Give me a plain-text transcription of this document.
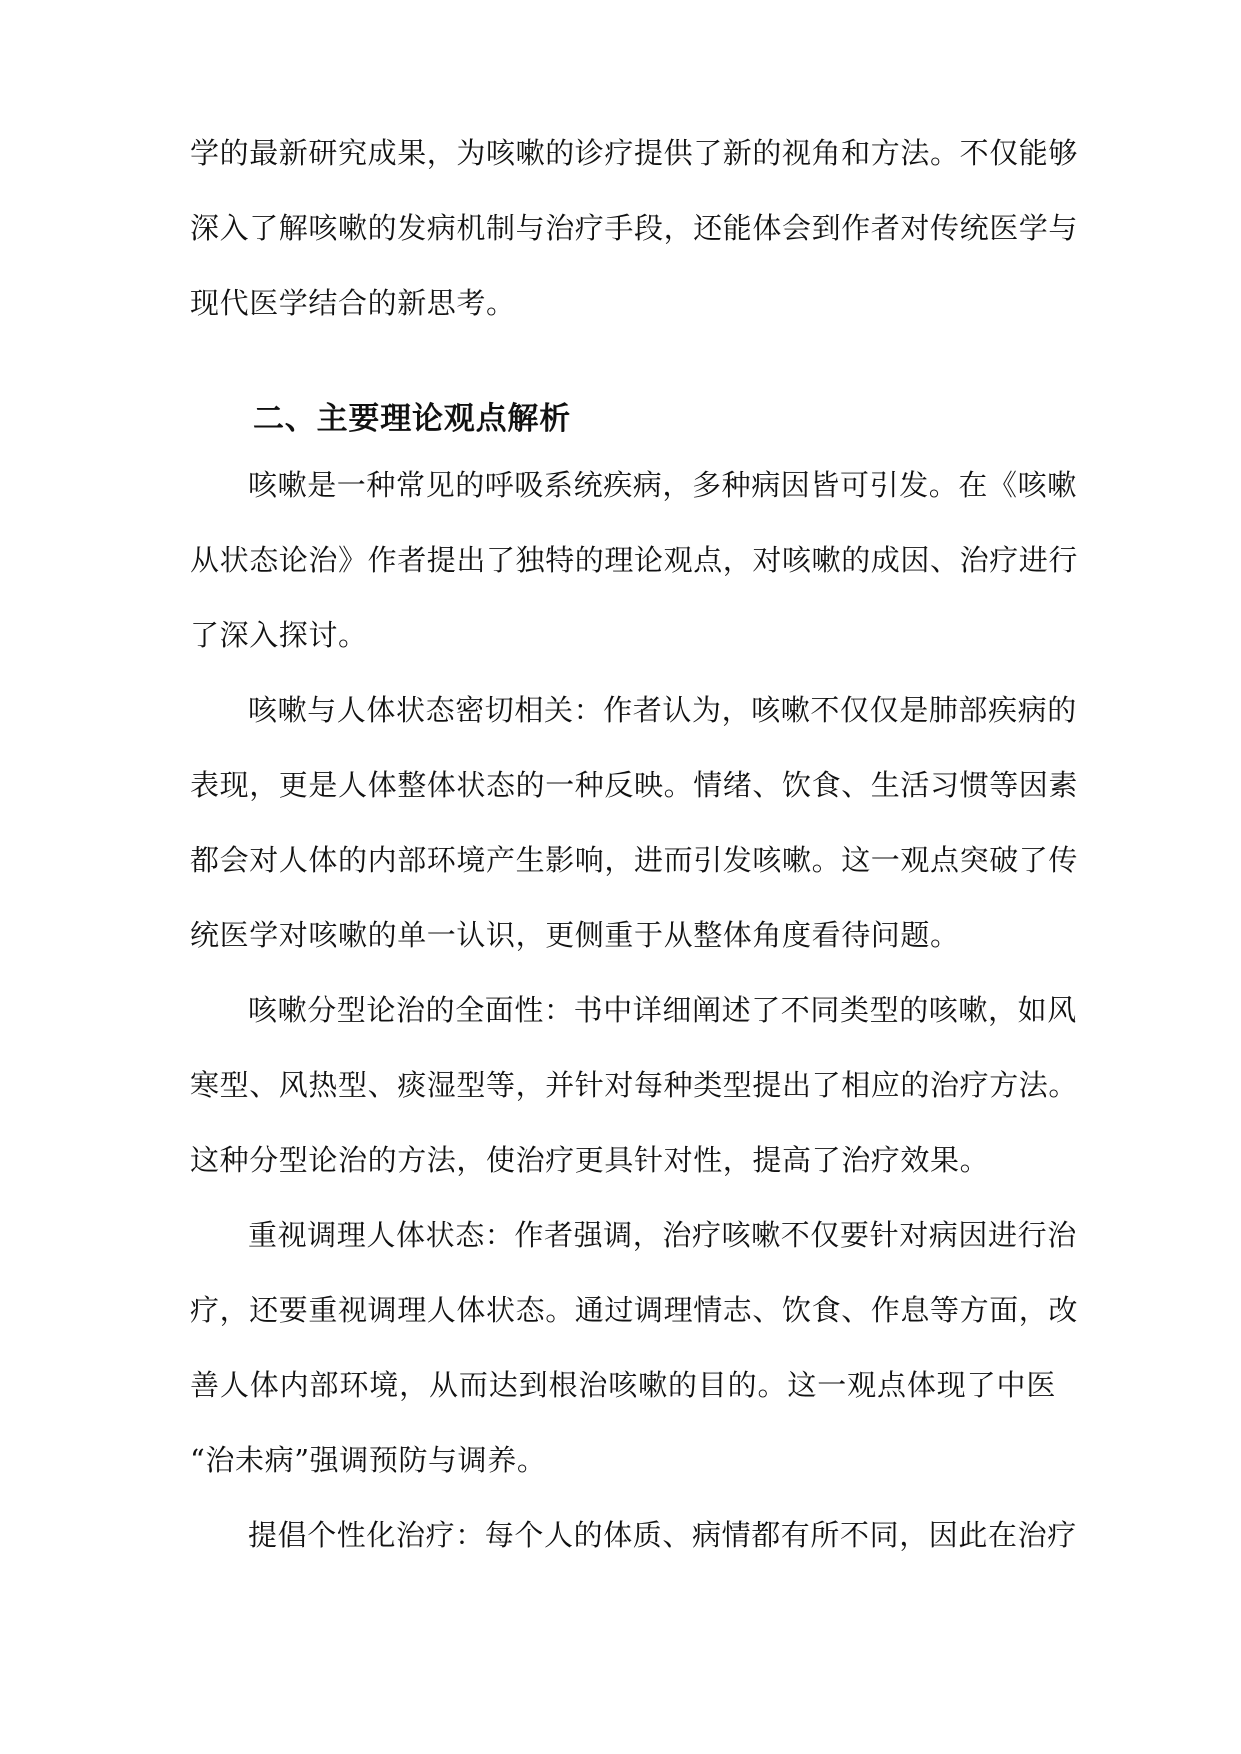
学的最新研究成果，为咳嗽的诊疗提供了新的视角和方法。不仅能够
深入了解咳嗽的发病机制与治疗手段，还能体会到作者对传统医学与
现代医学结合的新思考。
二、主要理论观点解析
咳嗽是一种常见的呼吸系统疾病，多种病因皆可引发。在《咳嗽
从状态论治》作者提出了独特的理论观点，对咳嗽的成因、治疗进行
了深入探讨。
咳嗽与人体状态密切相关：作者认为，咳嗽不仅仅是肺部疾病的
表现，更是人体整体状态的一种反映。情绪、饮食、生活习惯等因素
都会对人体的内部环境产生影响，进而引发咳嗽。这一观点突破了传
统医学对咳嗽的单一认识，更侧重于从整体角度看待问题。
咳嗽分型论治的全面性：书中详细阐述了不同类型的咳嗽，如风
寒型、风热型、痰湿型等，并针对每种类型提出了相应的治疗方法。
这种分型论治的方法，使治疗更具针对性，提高了治疗效果。
重视调理人体状态：作者强调，治疗咳嗽不仅要针对病因进行治
疗，还要重视调理人体状态。通过调理情志、饮食、作息等方面，改
善人体内部环境，从而达到根治咳嗽的目的。这一观点体现了中医
“治未病”强调预防与调养。
提倡个性化治疗：每个人的体质、病情都有所不同，因此在治疗
